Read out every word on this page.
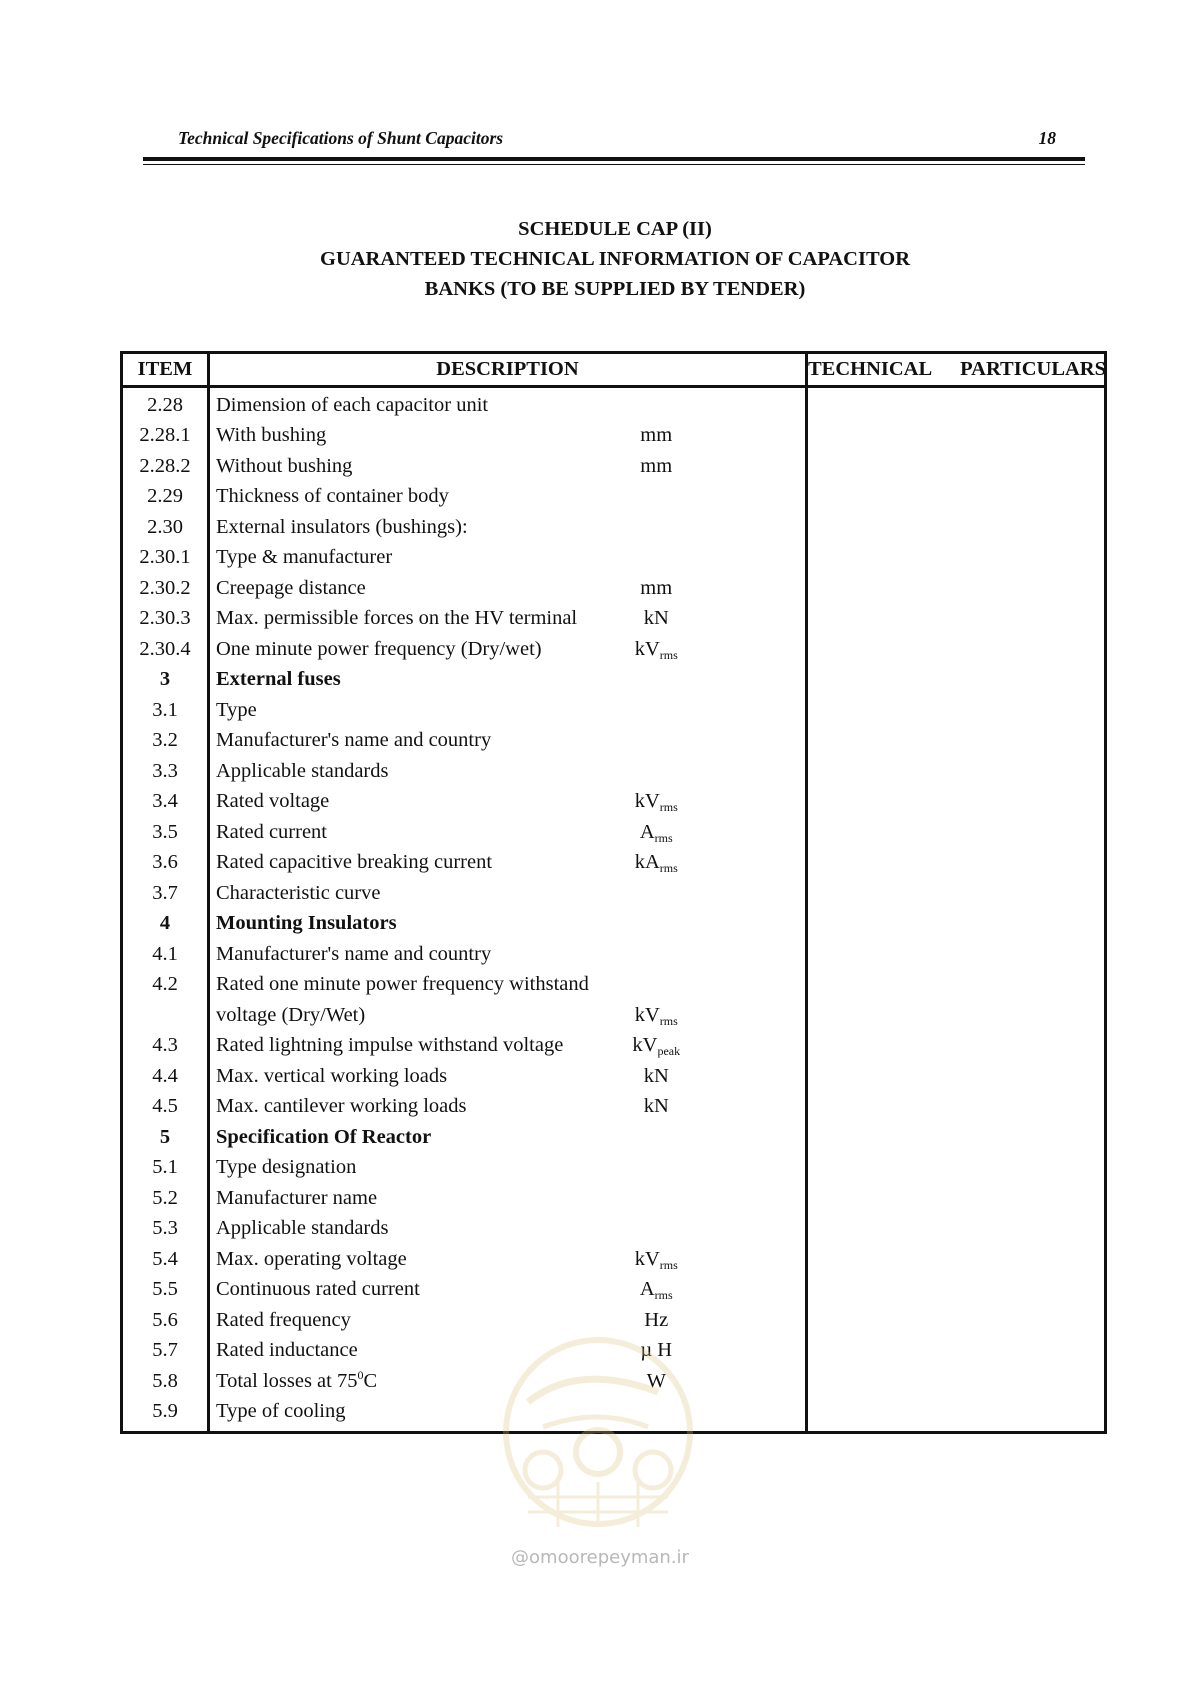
Technical Specifications of Shunt Capacitors	18
SCHEDULE CAP (II)
GUARANTEED TECHNICAL INFORMATION OF CAPACITOR
BANKS (TO BE SUPPLIED BY TENDER)
ITEM	DESCRIPTION		TECHNICAL PARTICULARS
2.28	Dimension of each capacitor unit		
2.28.1	With bushing	mm	
2.28.2	Without bushing	mm	
2.29	Thickness of container body		
2.30	External insulators (bushings):		
2.30.1	Type & manufacturer		
2.30.2	Creepage distance	mm	
2.30.3	Max. permissible forces on the HV terminal	kN	
2.30.4	One minute power frequency (Dry/wet)	$kV_{rms}$	
3	External fuses		
3.1	Type		
3.2	Manufacturer's name and country		
3.3	Applicable standards		
3.4	Rated voltage	$kV_{rms}$	
3.5	Rated current	$A_{rms}$	
3.6	Rated capacitive breaking current	$kA_{rms}$	
3.7	Characteristic curve		
4	Mounting Insulators		
4.1	Manufacturer's name and country		
4.2	Rated one minute power frequency withstand		
	voltage (Dry/Wet)	$kV_{rms}$	
4.3	Rated lightning impulse withstand voltage	$kV_{peak}$	
4.4	Max. vertical working loads	kN	
4.5	Max. cantilever working loads	kN	
5	Specification Of Reactor		
5.1	Type designation		
5.2	Manufacturer name		
5.3	Applicable standards		
5.4	Max. operating voltage	$kV_{rms}$	
5.5	Continuous rated current	$A_{rms}$	
5.6	Rated frequency	Hz	
5.7	Rated inductance	µ H	
5.8	Total losses at $75^0C$	W	
5.9	Type of cooling		
@omoorepeyman.ir
